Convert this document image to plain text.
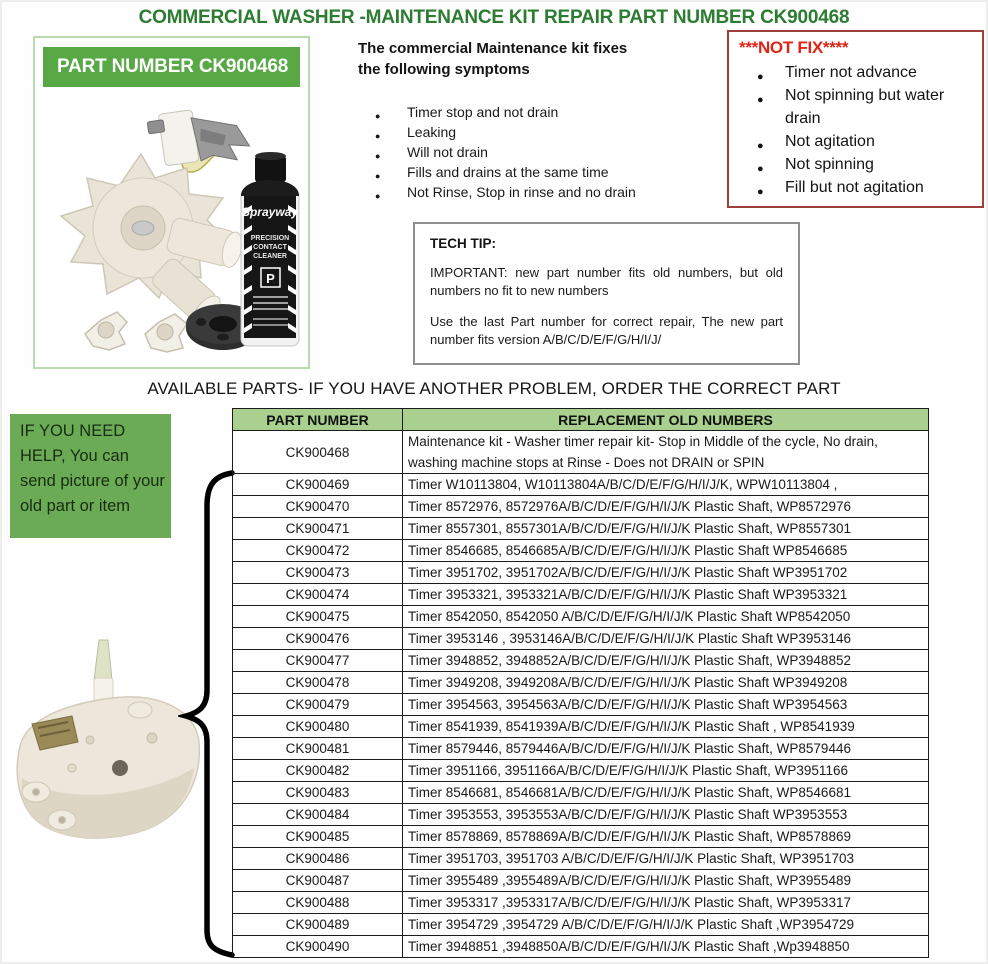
COMMERCIAL WASHER -MAINTENANCE KIT REPAIR PART NUMBER CK900468
PART NUMBER CK900468
Sprayway
PRECISION
CONTACT
CLEANER
P
The commercial Maintenance kit fixes
the following symptoms
● Timer stop and not drain
● Leaking
● Will not drain
● Fills and drains at the same time
● Not Rinse, Stop in rinse and no drain
***NOT FIX****
● Timer not advance
● Not spinning but water drain
● Not agitation
● Not spinning
● Fill but not agitation
TECH TIP:

IMPORTANT: new part number fits old numbers, but old numbers no fit to new numbers

Use the last Part number for correct repair, The new part number fits version A/B/C/D/E/F/G/H/I/J/

AVAILABLE PARTS- IF YOU HAVE ANOTHER PROBLEM, ORDER THE CORRECT PART
IF YOU NEED HELP, You can send picture of your old part or item
PART NUMBER	REPLACEMENT OLD NUMBERS
CK900468	Maintenance kit - Washer timer repair kit- Stop in Middle of the cycle, No drain, washing machine stops at Rinse - Does not DRAIN or SPIN
CK900469	Timer W10113804, W10113804A/B/C/D/E/F/G/H/I/J/K, WPW10113804 ,
CK900470	Timer 8572976, 8572976A/B/C/D/E/F/G/H/I/J/K Plastic Shaft, WP8572976
CK900471	Timer 8557301, 8557301A/B/C/D/E/F/G/H/I/J/K Plastic Shaft, WP8557301
CK900472	Timer 8546685, 8546685A/B/C/D/E/F/G/H/I/J/K Plastic Shaft WP8546685
CK900473	Timer 3951702, 3951702A/B/C/D/E/F/G/H/I/J/K Plastic Shaft WP3951702
CK900474	Timer 3953321, 3953321A/B/C/D/E/F/G/H/I/J/K Plastic Shaft WP3953321
CK900475	Timer 8542050, 8542050 A/B/C/D/E/F/G/H/I/J/K Plastic Shaft WP8542050
CK900476	Timer 3953146 , 3953146A/B/C/D/E/F/G/H/I/J/K Plastic Shaft WP3953146
CK900477	Timer 3948852, 3948852A/B/C/D/E/F/G/H/I/J/K Plastic Shaft, WP3948852
CK900478	Timer 3949208, 3949208A/B/C/D/E/F/G/H/I/J/K Plastic Shaft WP3949208
CK900479	Timer 3954563, 3954563A/B/C/D/E/F/G/H/I/J/K Plastic Shaft WP3954563
CK900480	Timer 8541939, 8541939A/B/C/D/E/F/G/H/I/J/K Plastic Shaft , WP8541939
CK900481	Timer 8579446, 8579446A/B/C/D/E/F/G/H/I/J/K Plastic Shaft, WP8579446
CK900482	Timer 3951166, 3951166A/B/C/D/E/F/G/H/I/J/K Plastic Shaft, WP3951166
CK900483	Timer 8546681, 8546681A/B/C/D/E/F/G/H/I/J/K Plastic Shaft, WP8546681
CK900484	Timer 3953553, 3953553A/B/C/D/E/F/G/H/I/J/K Plastic Shaft WP3953553
CK900485	Timer 8578869, 8578869A/B/C/D/E/F/G/H/I/J/K Plastic Shaft, WP8578869
CK900486	Timer 3951703, 3951703 A/B/C/D/E/F/G/H/I/J/K Plastic Shaft, WP3951703
CK900487	Timer 3955489 ,3955489A/B/C/D/E/F/G/H/I/J/K Plastic Shaft, WP3955489
CK900488	Timer 3953317 ,3953317A/B/C/D/E/F/G/H/I/J/K Plastic Shaft, WP3953317
CK900489	Timer 3954729 ,3954729 A/B/C/D/E/F/G/H/I/J/K Plastic Shaft ,WP3954729
CK900490	Timer 3948851 ,3948850A/B/C/D/E/F/G/H/I/J/K Plastic Shaft ,Wp3948850
